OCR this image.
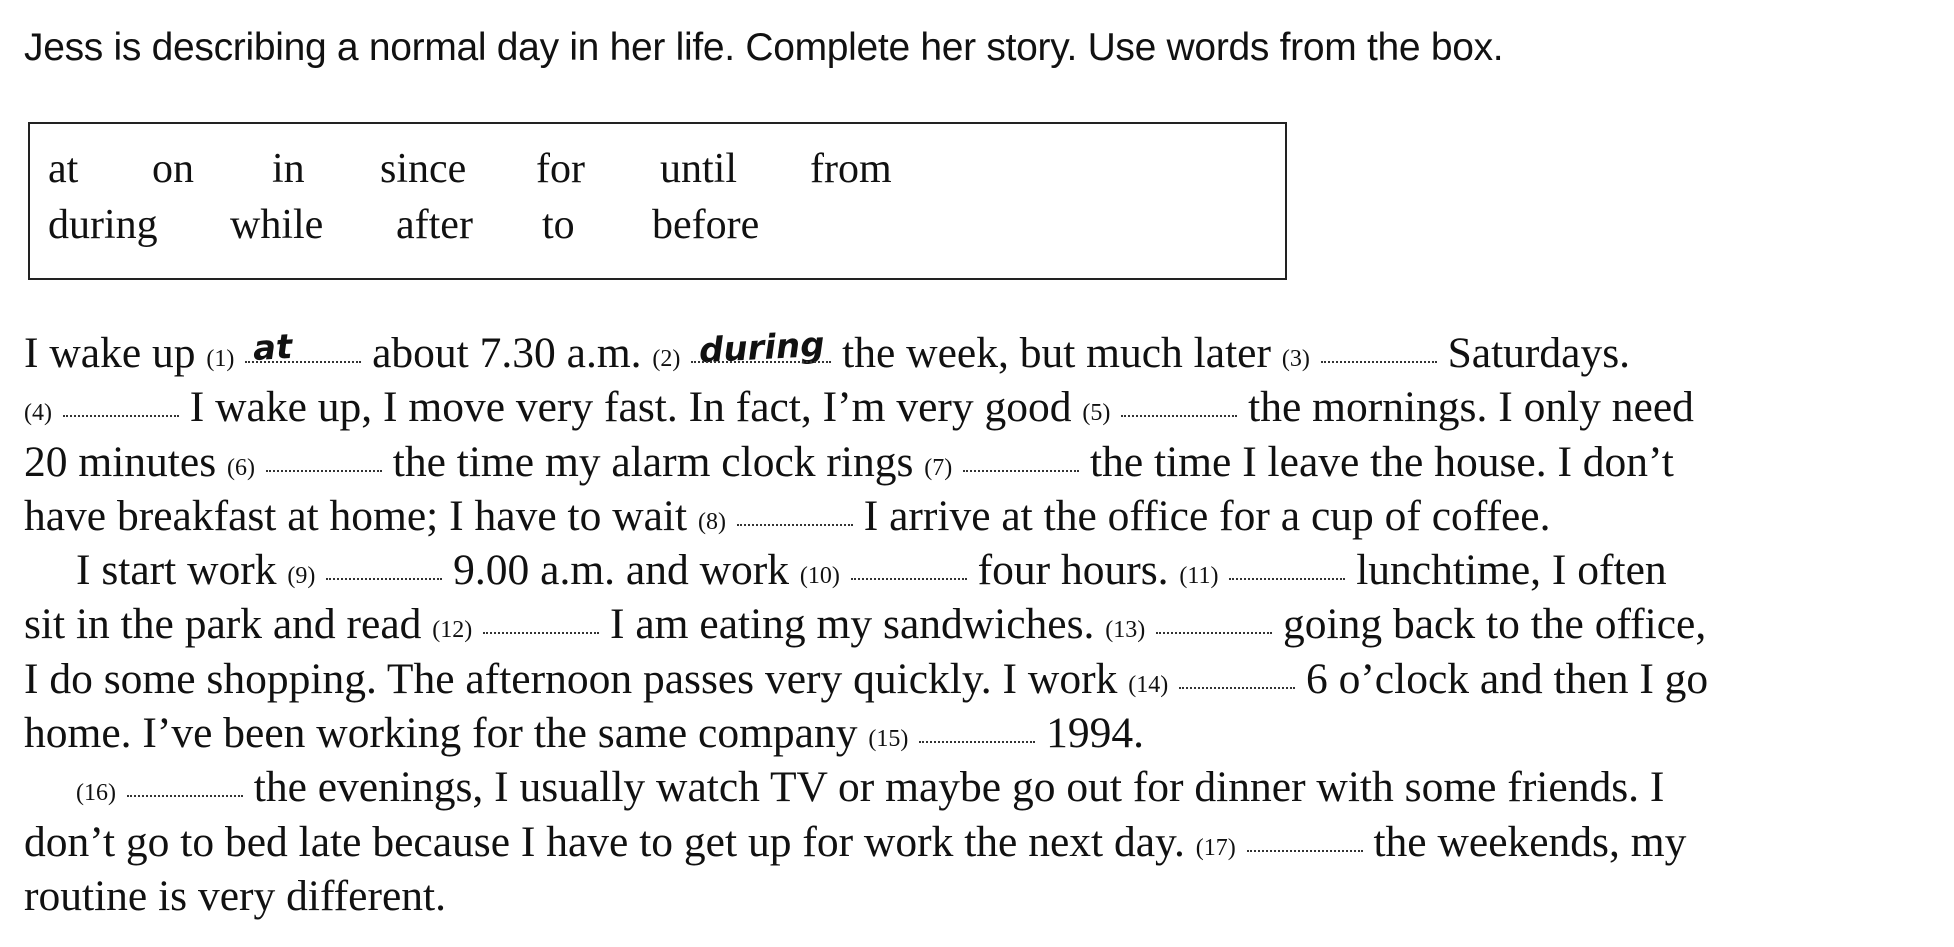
Jess is describing a normal day in her life. Complete her story. Use words from the box.

at on in since for until from
during while after to before
I wake up (1) at about 7.30 a.m. (2) during the week, but much later (3)	Saturdays.
(4)	I wake up, I move very fast. In fact, I’m very good (5)	the mornings. I only need
20 minutes (6)	the time my alarm clock rings (7)	the time I leave the house. I don’t
have breakfast at home; I have to wait (8)	I arrive at the office for a cup of coffee.
I start work (9)	9.00 a.m. and work (10)	four hours. (11)	lunchtime, I often
sit in the park and read (12)	I am eating my sandwiches. (13)	going back to the office,
I do some shopping. The afternoon passes very quickly. I work (14)	6 o’clock and then I go
home. I’ve been working for the same company (15)	1994.
(16)	the evenings, I usually watch TV or maybe go out for dinner with some friends. I
don’t go to bed late because I have to get up for work the next day. (17)	the weekends, my
routine is very different.
